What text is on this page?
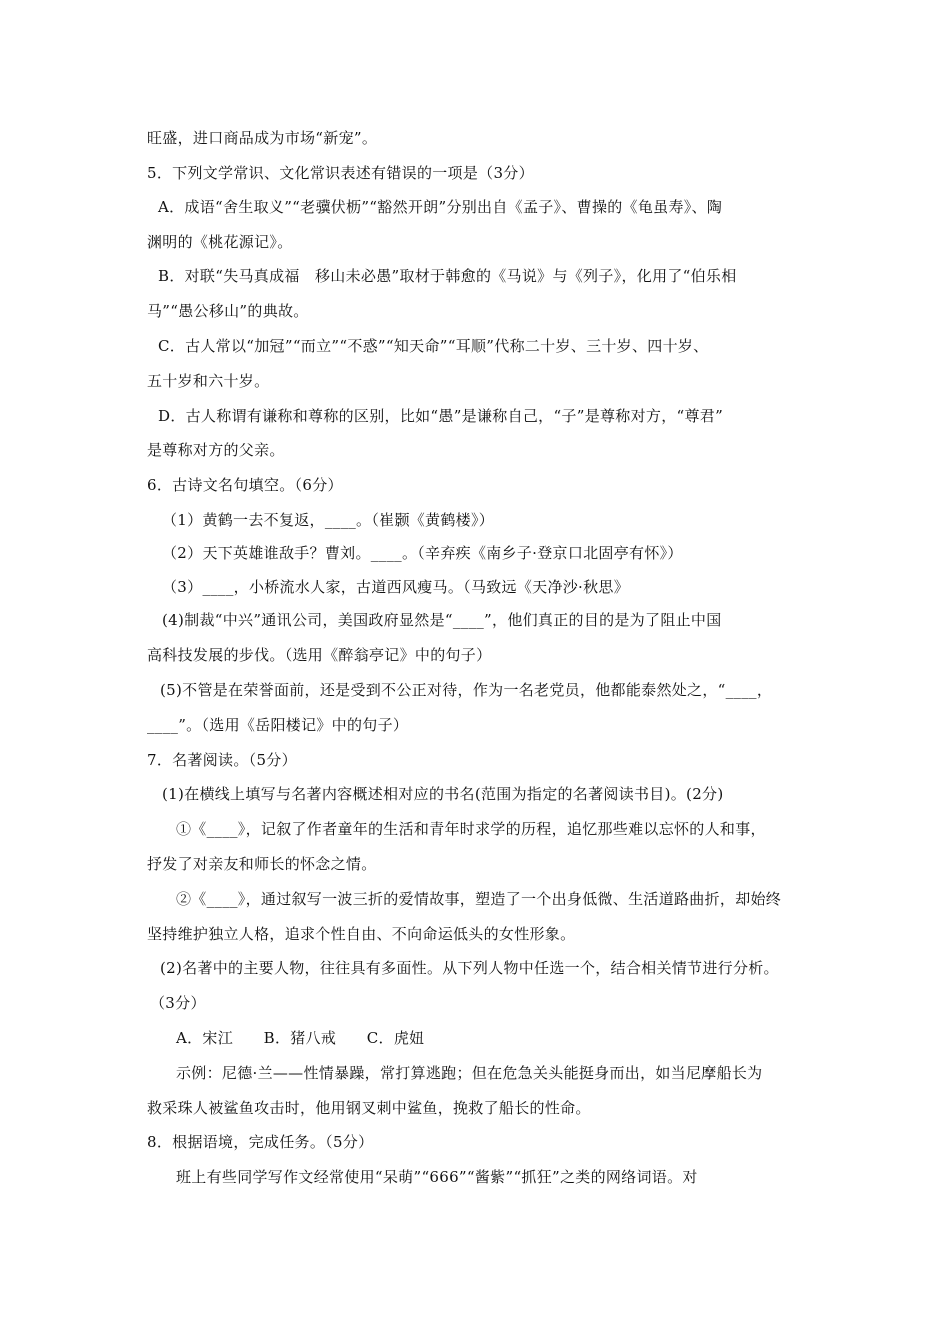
旺盛，进口商品成为市场“新宠”。
5．下列文学常识、文化常识表述有错误的一项是（3分）
A．成语“舍生取义”“老骥伏枥”“豁然开朗”分别出自《孟子》、曹操的《龟虽寿》、陶
渊明的《桃花源记》。
B．对联“失马真成福　移山未必愚”取材于韩愈的《马说》与《列子》，化用了“伯乐相
马”“愚公移山”的典故。
C．古人常以“加冠”“而立”“不惑”“知天命”“耳顺”代称二十岁、三十岁、四十岁、
五十岁和六十岁。
D．古人称谓有谦称和尊称的区别，比如“愚”是谦称自己，“子”是尊称对方，“尊君”
是尊称对方的父亲。
6．古诗文名句填空。（6分）
（1）黄鹤一去不复返，____。（崔颢《黄鹤楼》）
（2）天下英雄谁敌手？曹刘。____。（辛弃疾《南乡子·登京口北固亭有怀》）
（3）____，小桥流水人家，古道西风瘦马。（马致远《天净沙·秋思》
(4)制裁“中兴”通讯公司，美国政府显然是“____”，他们真正的目的是为了阻止中国
高科技发展的步伐。（选用《醉翁亭记》中的句子）
(5)不管是在荣誉面前，还是受到不公正对待，作为一名老党员，他都能泰然处之，“____，
____”。（选用《岳阳楼记》中的句子）
7．名著阅读。（5分）
(1)在横线上填写与名著内容概述相对应的书名(范围为指定的名著阅读书目)。(2分)
①《____》，记叙了作者童年的生活和青年时求学的历程，追忆那些难以忘怀的人和事，
抒发了对亲友和师长的怀念之情。
②《____》，通过叙写一波三折的爱情故事，塑造了一个出身低微、生活道路曲折，却始终
坚持维护独立人格，追求个性自由、不向命运低头的女性形象。
(2)名著中的主要人物，往往具有多面性。从下列人物中任选一个，结合相关情节进行分析。
（3分）
A．宋江　　B．猪八戒　　C．虎妞
示例：尼德·兰——性情暴躁，常打算逃跑；但在危急关头能挺身而出，如当尼摩船长为
救采珠人被鲨鱼攻击时，他用钢叉刺中鲨鱼，挽救了船长的性命。
8．根据语境，完成任务。（5分）
班上有些同学写作文经常使用“呆萌”“666”“酱紫”“抓狂”之类的网络词语。对
